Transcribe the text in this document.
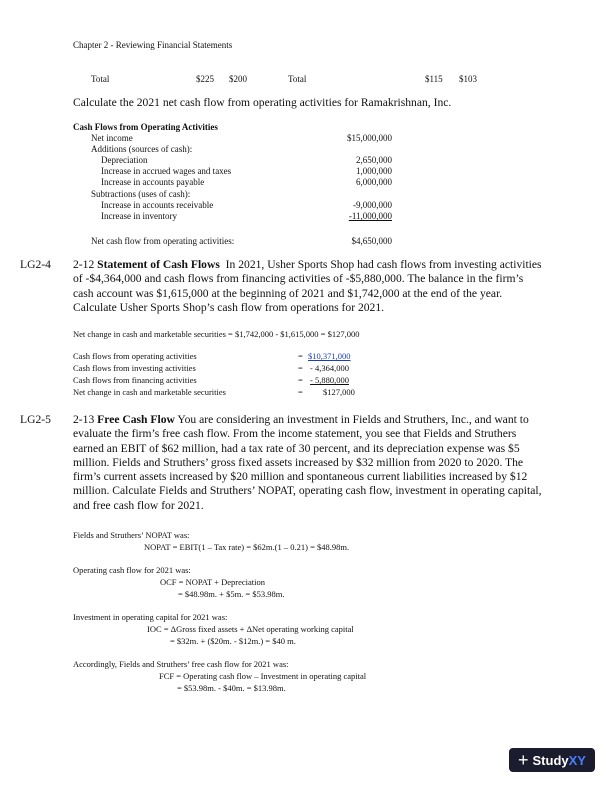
Chapter 2 - Reviewing Financial Statements
Total	$225 $200	Total	$115 $103
Calculate the 2021 net cash flow from operating activities for Ramakrishnan, Inc.
Cash Flows from Operating Activities
Net income	$15,000,000
Additions (sources of cash):
Depreciation	2,650,000
Increase in accrued wages and taxes	1,000,000
Increase in accounts payable	6,000,000
Subtractions (uses of cash):
Increase in accounts receivable	-9,000,000
Increase in inventory	-11,000,000
Net cash flow from operating activities:	$4,650,000
LG2-4 2-12 Statement of Cash Flows In 2021, Usher Sports Shop had cash flows from investing activities of -$4,364,000 and cash flows from financing activities of -$5,880,000. The balance in the firm’s cash account was $1,615,000 at the beginning of 2021 and $1,742,000 at the end of the year. Calculate Usher Sports Shop’s cash flow from operations for 2021.
Net change in cash and marketable securities = $1,742,000 - $1,615,000 = $127,000
Cash flows from operating activities	= $10,371,000
Cash flows from investing activities	= - 4,364,000
Cash flows from financing activities	= - 5,880,000
Net change in cash and marketable securities	= $127,000
LG2-5 2-13 Free Cash Flow You are considering an investment in Fields and Struthers, Inc., and want to evaluate the firm’s free cash flow. From the income statement, you see that Fields and Struthers earned an EBIT of $62 million, had a tax rate of 30 percent, and its depreciation expense was $5 million. Fields and Struthers’ gross fixed assets increased by $32 million from 2020 to 2020. The firm’s current assets increased by $20 million and spontaneous current liabilities increased by $12 million. Calculate Fields and Struthers’ NOPAT, operating cash flow, investment in operating capital, and free cash flow for 2021.
Fields and Struthers’ NOPAT was:
NOPAT = EBIT(1 – Tax rate) = $62m.(1 – 0.21) = $48.98m.
Operating cash flow for 2021 was:
OCF = NOPAT + Depreciation
= $48.98m. + $5m. = $53.98m.
Investment in operating capital for 2021 was:
IOC = ΔGross fixed assets + ΔNet operating working capital
= $32m. + ($20m. - $12m.) = $40 m.
Accordingly, Fields and Struthers’ free cash flow for 2021 was:
FCF = Operating cash flow – Investment in operating capital
= $53.98m. - $40m. = $13.98m.
+ Study XY
